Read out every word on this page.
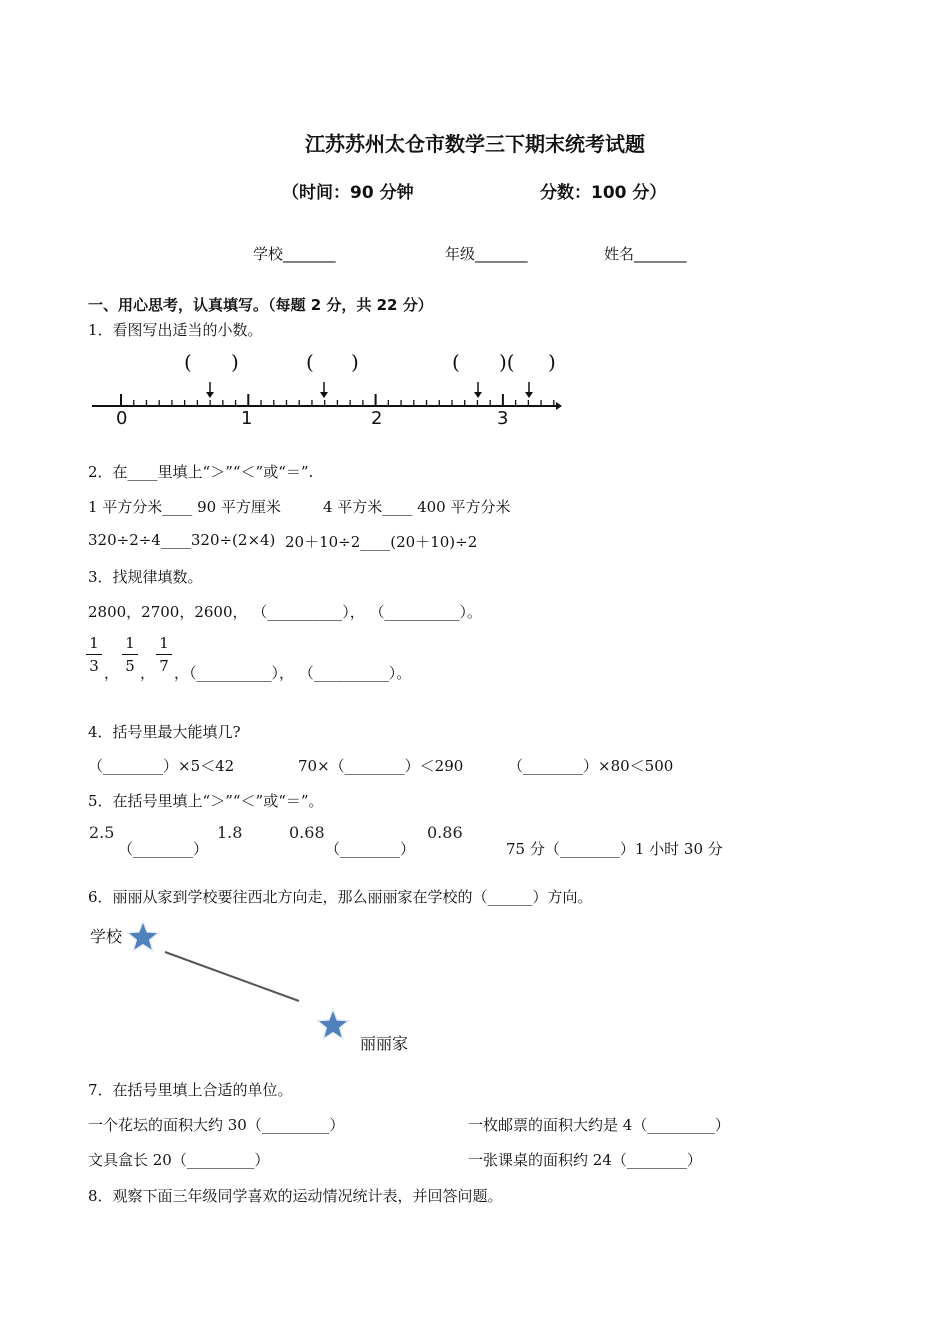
江苏苏州太仓市数学三下期末统考试题
（时间：90 分钟	分数：100 分）
学校_______	年级_______	姓名_______
一、用心思考，认真填写。（每题 2 分，共 22 分）
1．看图写出适当的小数。
( )	( )	( )( )
0	1	2	3
2．在____里填上“＞”“＜”或“＝”.
1 平方分米____ 90 平方厘米	4 平方米____ 400 平方分米
320÷2÷4____320÷(2×4) 20＋10÷2____(20＋10)÷2
3．找规律填数。
2800，2700，2600， （__________）， （__________）。
1
3 ，
1
5 ，
1
7 ，（__________）， （__________）。
4．括号里最大能填几?
（________）×5＜42	70×（________）＜290	（________）×80＜500
5．在括号里填上“＞”“＜”或“＝”。
2.5
（________）
1.8	0.68
（________）
0.86
75 分（________）1 小时 30 分
6．丽丽从家到学校要往西北方向走，那么丽丽家在学校的（______）方向。
学校
丽丽家
7．在括号里填上合适的单位。
一个花坛的面积大约 30（_________）	一枚邮票的面积大约是 4（_________）
文具盒长 20（_________）	一张课桌的面积约 24（________）
8．观察下面三年级同学喜欢的运动情况统计表，并回答问题。
